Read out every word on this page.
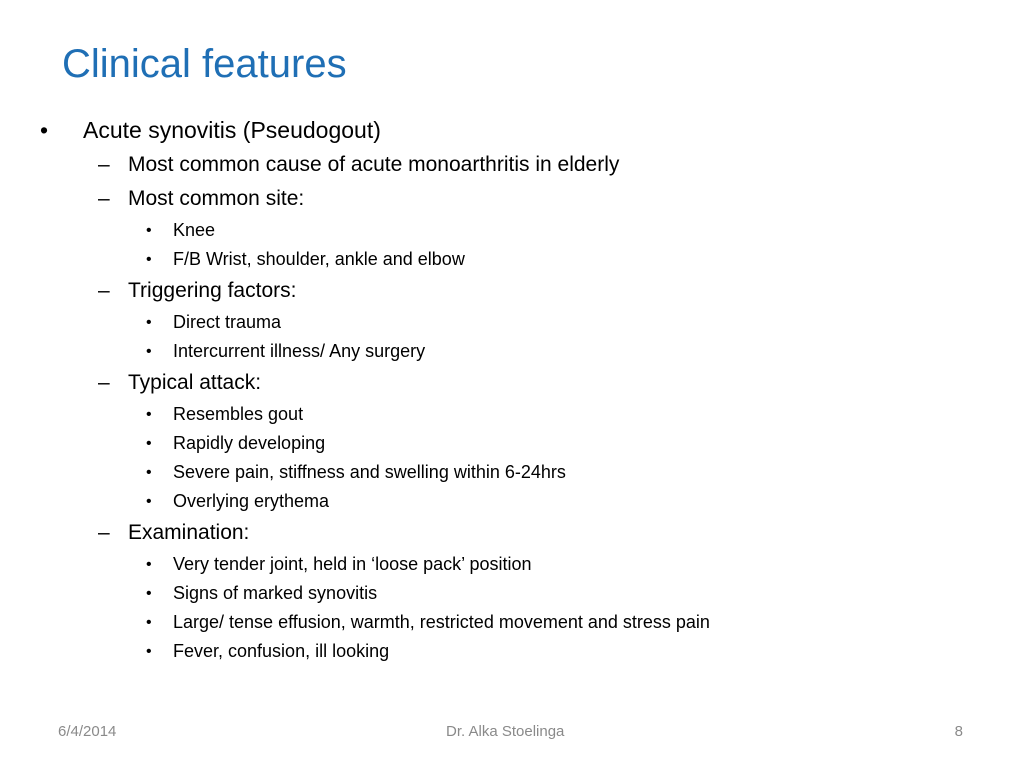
Clinical features
• Acute synovitis (Pseudogout)
– Most common cause of acute monoarthritis in elderly
– Most common site:
• Knee
• F/B Wrist, shoulder, ankle and elbow
– Triggering factors:
• Direct trauma
• Intercurrent illness/ Any surgery
– Typical attack:
• Resembles gout
• Rapidly developing
• Severe pain, stiffness and swelling within 6-24hrs
• Overlying erythema
– Examination:
• Very tender joint, held in ‘loose pack’ position
• Signs of marked synovitis
• Large/ tense effusion, warmth, restricted movement and stress pain
• Fever, confusion, ill looking
6/4/2014	Dr. Alka Stoelinga	8
